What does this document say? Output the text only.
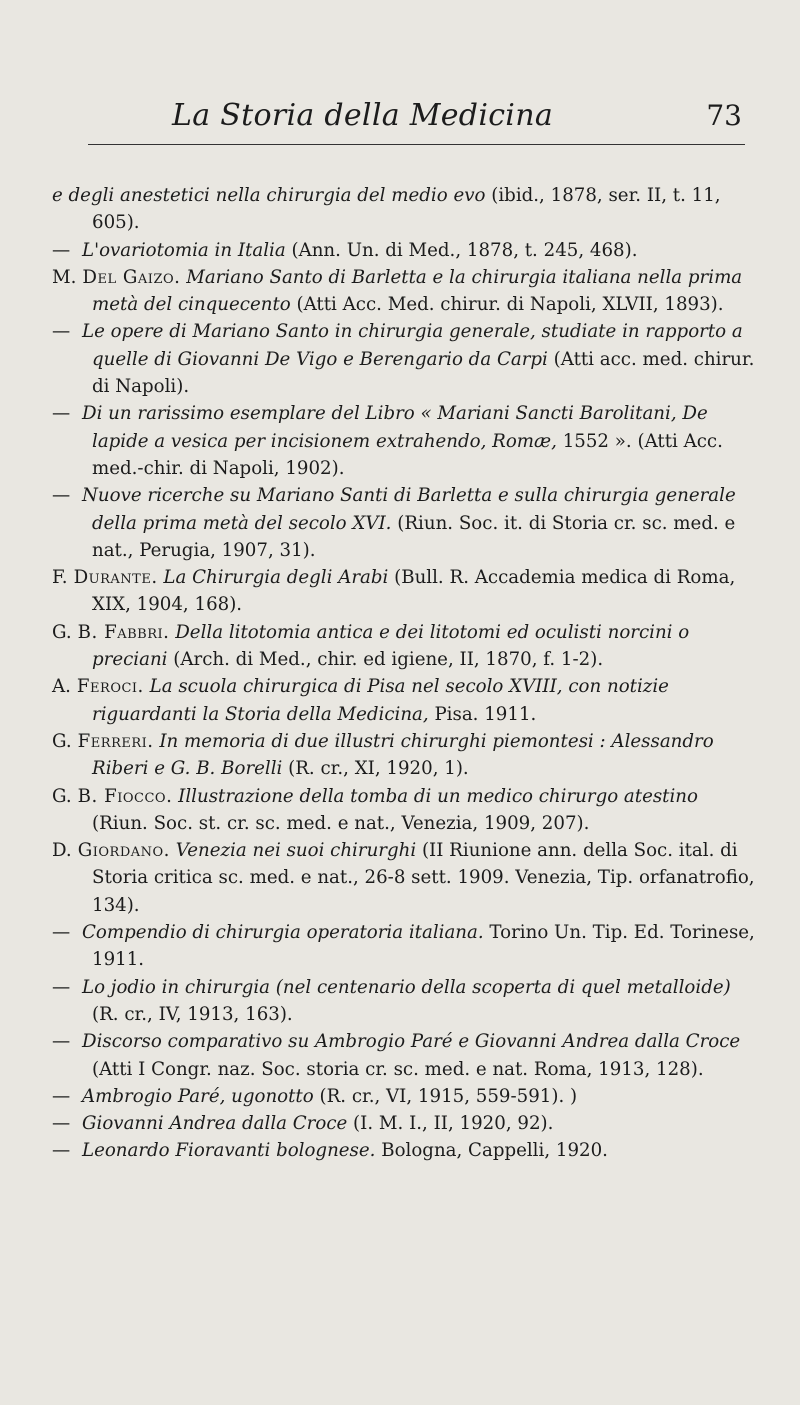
La Storia della Medicina	73

e degli anestetici nella chirurgia del medio evo (ibid., 1878, ser. II, t. 11, 605).

— L'ovariotomia in Italia (Ann. Un. di Med., 1878, t. 245, 468).

M. Del Gaizo. Mariano Santo di Barletta e la chirurgia italiana nella prima metà del cinquecento (Atti Acc. Med. chirur. di Napoli, XLVII, 1893).

— Le opere di Mariano Santo in chirurgia generale, studiate in rapporto a quelle di Giovanni De Vigo e Berengario da Carpi (Atti acc. med. chirur. di Napoli).

— Di un rarissimo esemplare del Libro « Mariani Sancti Barolitani, De lapide a vesica per incisionem extrahendo, Romæ, 1552 ». (Atti Acc. med.-chir. di Napoli, 1902).

— Nuove ricerche su Mariano Santi di Barletta e sulla chirurgia generale della prima metà del secolo XVI. (Riun. Soc. it. di Storia cr. sc. med. e nat., Perugia, 1907, 31).

F. Durante. La Chirurgia degli Arabi (Bull. R. Accademia medica di Roma, XIX, 1904, 168).

G. B. Fabbri. Della litotomia antica e dei litotomi ed oculisti norcini o preciani (Arch. di Med., chir. ed igiene, II, 1870, f. 1-2).

A. Feroci. La scuola chirurgica di Pisa nel secolo XVIII, con notizie riguardanti la Storia della Medicina, Pisa. 1911.

G. Ferreri. In memoria di due illustri chirurghi piemontesi : Alessandro Riberi e G. B. Borelli (R. cr., XI, 1920, 1).

G. B. Fiocco. Illustrazione della tomba di un medico chirurgo atestino (Riun. Soc. st. cr. sc. med. e nat., Venezia, 1909, 207).

D. Giordano. Venezia nei suoi chirurghi (II Riunione ann. della Soc. ital. di Storia critica sc. med. e nat., 26-8 sett. 1909. Venezia, Tip. orfanatrofio, 134).

— Compendio di chirurgia operatoria italiana. Torino Un. Tip. Ed. Torinese, 1911.

— Lo jodio in chirurgia (nel centenario della scoperta di quel metalloide) (R. cr., IV, 1913, 163).

— Discorso comparativo su Ambrogio Paré e Giovanni Andrea dalla Croce (Atti I Congr. naz. Soc. storia cr. sc. med. e nat. Roma, 1913, 128).

— Ambrogio Paré, ugonotto (R. cr., VI, 1915, 559-591). )

— Giovanni Andrea dalla Croce (I. M. I., II, 1920, 92).

— Leonardo Fioravanti bolognese. Bologna, Cappelli, 1920.
